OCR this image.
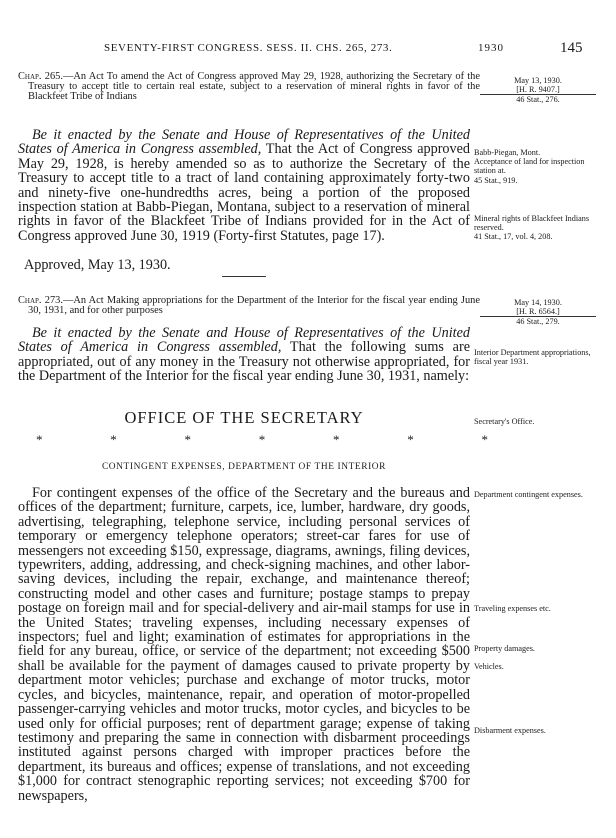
SEVENTY-FIRST CONGRESS. SESS. II. CHS. 265, 273.	1930	145
Chap. 265.—An Act To amend the Act of Congress approved May 29, 1928, authorizing the Secretary of the Treasury to accept title to certain real estate, subject to a reservation of mineral rights in favor of the Blackfeet Tribe of Indians
May 13, 1930.
[H. R. 9407.]
46 Stat., 276.

Be it enacted by the Senate and House of Representatives of the United States of America in Congress assembled, That the Act of Congress approved May 29, 1928, is hereby amended so as to authorize the Secretary of the Treasury to accept title to a tract of land containing approximately forty-two and ninety-five one-hundredths acres, being a portion of the proposed inspection station at Babb-Piegan, Montana, subject to a reservation of mineral rights in favor of the Blackfeet Tribe of Indians provided for in the Act of Congress approved June 30, 1919 (Forty-first Statutes, page 17).

Babb-Piegan, Mont.
Acceptance of land for inspection station at.
45 Stat., 919.
Mineral rights of Blackfeet Indians reserved.
41 Stat., 17, vol. 4, 208.
Approved, May 13, 1930.
Chap. 273.—An Act Making appropriations for the Department of the Interior for the fiscal year ending June 30, 1931, and for other purposes
May 14, 1930.
[H. R. 6564.]
46 Stat., 279.

Be it enacted by the Senate and House of Representatives of the United States of America in Congress assembled, That the following sums are appropriated, out of any money in the Treasury not otherwise appropriated, for the Department of the Interior for the fiscal year ending June 30, 1931, namely:

Interior Department appropriations, fiscal year 1931.
OFFICE OF THE SECRETARY	Secretary's Office.
*	*	*	*	*	*	*
CONTINGENT EXPENSES, DEPARTMENT OF THE INTERIOR

For contingent expenses of the office of the Secretary and the bureaus and offices of the department; furniture, carpets, ice, lumber, hardware, dry goods, advertising, telegraphing, telephone service, including personal services of temporary or emergency telephone operators; street-car fares for use of messengers not exceeding $150, expressage, diagrams, awnings, filing devices, typewriters, adding, addressing, and check-signing machines, and other labor-saving devices, including the repair, exchange, and maintenance thereof; constructing model and other cases and furniture; postage stamps to prepay postage on foreign mail and for special-delivery and air-mail stamps for use in the United States; traveling expenses, including necessary expenses of inspectors; fuel and light; examination of estimates for appropriations in the field for any bureau, office, or service of the department; not exceeding $500 shall be available for the payment of damages caused to private property by department motor vehicles; purchase and exchange of motor trucks, motor cycles, and bicycles, maintenance, repair, and operation of motor-propelled passenger-carrying vehicles and motor trucks, motor cycles, and bicycles to be used only for official purposes; rent of department garage; expense of taking testimony and preparing the same in connection with disbarment proceedings instituted against persons charged with improper practices before the department, its bureaus and offices; expense of translations, and not exceeding $1,000 for contract stenographic reporting services; not exceeding $700 for newspapers,

Department contingent expenses.
Traveling expenses etc.
Property damages.
Vehicles.
Disbarment expenses.
